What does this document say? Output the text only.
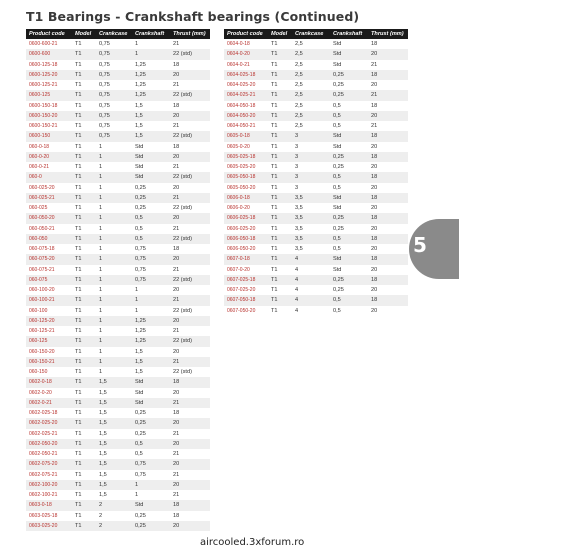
T1 Bearings - Crankshaft bearings (Continued)
Product code	Model	Crankcase	Crankshaft	Thrust (mm)
0600-600-21	T1	0,75	1	21
0600-600	T1	0,75	1	22 (std)
0600-125-18	T1	0,75	1,25	18
0600-125-20	T1	0,75	1,25	20
0600-125-21	T1	0,75	1,25	21
0600-125	T1	0,75	1,25	22 (std)
0600-150-18	T1	0,75	1,5	18
0600-150-20	T1	0,75	1,5	20
0600-150-21	T1	0,75	1,5	21
0600-150	T1	0,75	1,5	22 (std)
060-0-18	T1	1	Std	18
060-0-20	T1	1	Std	20
060-0-21	T1	1	Std	21
060-0	T1	1	Std	22 (std)
060-025-20	T1	1	0,25	20
060-025-21	T1	1	0,25	21
060-025	T1	1	0,25	22 (std)
060-050-20	T1	1	0,5	20
060-050-21	T1	1	0,5	21
060-050	T1	1	0,5	22 (std)
060-075-18	T1	1	0,75	18
060-075-20	T1	1	0,75	20
060-075-21	T1	1	0,75	21
060-075	T1	1	0,75	22 (std)
060-100-20	T1	1	1	20
060-100-21	T1	1	1	21
060-100	T1	1	1	22 (std)
060-125-20	T1	1	1,25	20
060-125-21	T1	1	1,25	21
060-125	T1	1	1,25	22 (std)
060-150-20	T1	1	1,5	20
060-150-21	T1	1	1,5	21
060-150	T1	1	1,5	22 (std)
0602-0-18	T1	1,5	Std	18
0602-0-20	T1	1,5	Std	20
0602-0-21	T1	1,5	Std	21
0602-025-18	T1	1,5	0,25	18
0602-025-20	T1	1,5	0,25	20
0602-025-21	T1	1,5	0,25	21
0602-050-20	T1	1,5	0,5	20
0602-050-21	T1	1,5	0,5	21
0602-075-20	T1	1,5	0,75	20
0602-075-21	T1	1,5	0,75	21
0602-100-20	T1	1,5	1	20
0602-100-21	T1	1,5	1	21
0603-0-18	T1	2	Std	18
0603-025-18	T1	2	0,25	18
0603-025-20	T1	2	0,25	20
Product code	Model	Crankcase	Crankshaft	Thrust (mm)
0604-0-18	T1	2,5	Std	18
0604-0-20	T1	2,5	Std	20
0604-0-21	T1	2,5	Std	21
0604-025-18	T1	2,5	0,25	18
0604-025-20	T1	2,5	0,25	20
0604-025-21	T1	2,5	0,25	21
0604-050-18	T1	2,5	0,5	18
0604-050-20	T1	2,5	0,5	20
0604-050-21	T1	2,5	0,5	21
0605-0-18	T1	3	Std	18
0605-0-20	T1	3	Std	20
0605-025-18	T1	3	0,25	18
0605-025-20	T1	3	0,25	20
0605-050-18	T1	3	0,5	18
0605-050-20	T1	3	0,5	20
0606-0-18	T1	3,5	Std	18
0606-0-20	T1	3,5	Std	20
0606-025-18	T1	3,5	0,25	18
0606-025-20	T1	3,5	0,25	20
0606-050-18	T1	3,5	0,5	18
0606-050-20	T1	3,5	0,5	20
0607-0-18	T1	4	Std	18
0607-0-20	T1	4	Std	20
0607-025-18	T1	4	0,25	18
0607-025-20	T1	4	0,25	20
0607-050-18	T1	4	0,5	18
0607-050-20	T1	4	0,5	20
5
aircooled.3xforum.ro
